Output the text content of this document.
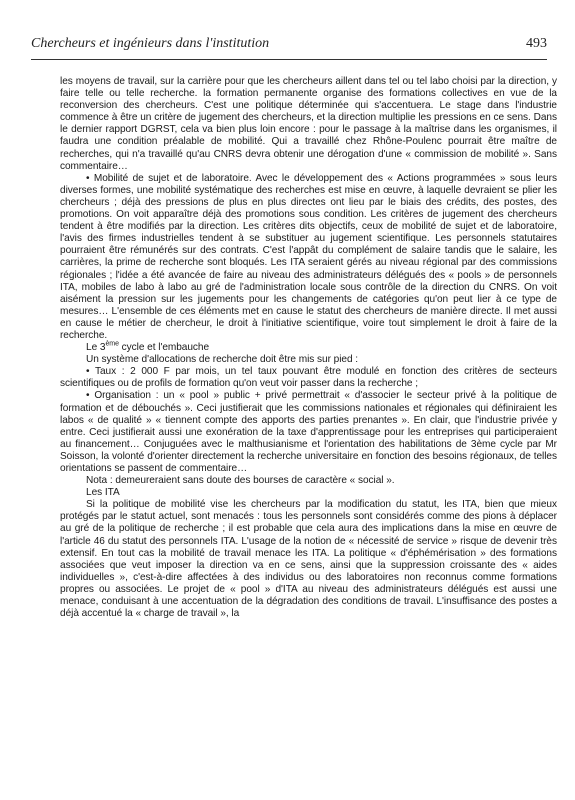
Chercheurs et ingénieurs dans l'institution	493

les moyens de travail, sur la carrière pour que les chercheurs aillent dans tel ou tel labo choisi par la direction, y faire telle ou telle recherche. la formation permanente organise des formations collectives en vue de la reconversion des chercheurs. C'est une politique déterminée qui s'accentuera. Le stage dans l'industrie commence à être un critère de jugement des chercheurs, et la direction multiplie les pressions en ce sens. Dans le dernier rapport DGRST, cela va bien plus loin encore : pour le passage à la maîtrise dans les organismes, il faudra une condition préalable de mobilité. Qui a travaillé chez Rhône-Poulenc pourrait être maître de recherches, qui n'a travaillé qu'au CNRS devra obtenir une dérogation d'une « commission de mobilité ». Sans commentaire…

• Mobilité de sujet et de laboratoire. Avec le développement des « Actions programmées » sous leurs diverses formes, une mobilité systématique des recherches est mise en œuvre, à laquelle devraient se plier les chercheurs ; déjà des pressions de plus en plus directes ont lieu par le biais des crédits, des postes, des promotions. On voit apparaître déjà des promotions sous condition. Les critères de jugement des chercheurs tendent à être modifiés par la direction. Les critères dits objectifs, ceux de mobilité de sujet et de laboratoire, l'avis des firmes industrielles tendent à se substituer au jugement scientifique. Les personnels statutaires pourraient être rémunérés sur des contrats. C'est l'appât du complément de salaire tandis que le salaire, les carrières, la prime de recherche sont bloqués. Les ITA seraient gérés au niveau régional par des commissions régionales ; l'idée a été avancée de faire au niveau des administrateurs délégués des « pools » de personnels ITA, mobiles de labo à labo au gré de l'administration locale sous contrôle de la direction du CNRS. On voit aisément la pression sur les jugements pour les changements de catégories qu'on peut lier à ce type de mesures… L'ensemble de ces éléments met en cause le statut des chercheurs de manière directe. Il met aussi en cause le métier de chercheur, le droit à l'initiative scientifique, voire tout simplement le droit à faire de la recherche.

Le 3ème cycle et l'embauche

Un système d'allocations de recherche doit être mis sur pied :

• Taux : 2 000 F par mois, un tel taux pouvant être modulé en fonction des critères de secteurs scientifiques ou de profils de formation qu'on veut voir passer dans la recherche ;

• Organisation : un « pool » public + privé permettrait « d'associer le secteur privé à la politique de formation et de débouchés ». Ceci justifierait que les commissions nationales et régionales qui définiraient les labos « de qualité » « tiennent compte des apports des parties prenantes ». En clair, que l'industrie privée y entre. Ceci justifierait aussi une exonération de la taxe d'apprentissage pour les entreprises qui participeraient au financement… Conjuguées avec le malthusianisme et l'orientation des habilitations de 3ème cycle par Mr Soisson, la volonté d'orienter directement la recherche universitaire en fonction des besoins régionaux, de telles orientations se passent de commentaire…

Nota : demeureraient sans doute des bourses de caractère « social ».

Les ITA

Si la politique de mobilité vise les chercheurs par la modification du statut, les ITA, bien que mieux protégés par le statut actuel, sont menacés : tous les personnels sont considérés comme des pions à déplacer au gré de la politique de recherche ; il est probable que cela aura des implications dans la mise en œuvre de l'article 46 du statut des personnels ITA. L'usage de la notion de « nécessité de service » risque de devenir très extensif. En tout cas la mobilité de travail menace les ITA. La politique « d'éphémérisation » des formations associées que veut imposer la direction va en ce sens, ainsi que la suppression croissante des « aides individuelles », c'est-à-dire affectées à des individus ou des laboratoires non reconnus comme formations propres ou associées. Le projet de « pool » d'ITA au niveau des administrateurs délégués est aussi une menace, conduisant à une accentuation de la dégradation des conditions de travail. L'insuffisance des postes a déjà accentué la « charge de travail », la
